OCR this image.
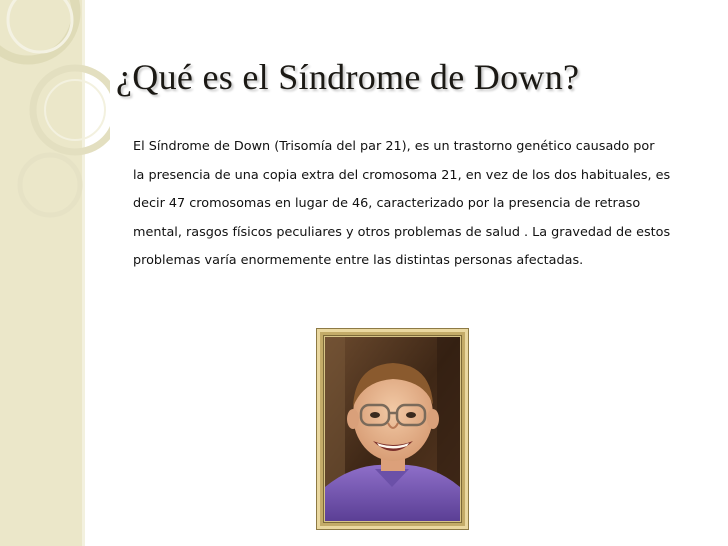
¿Qué es el Síndrome de Down?
El Síndrome de Down (Trisomía del par 21), es un trastorno genético causado por
la presencia de una copia extra del cromosoma 21, en vez de los dos habituales, es
decir 47 cromosomas en lugar de 46, caracterizado por la presencia de retraso
mental, rasgos físicos peculiares y otros problemas de salud . La gravedad de estos
problemas varía enormemente entre las distintas personas afectadas.
